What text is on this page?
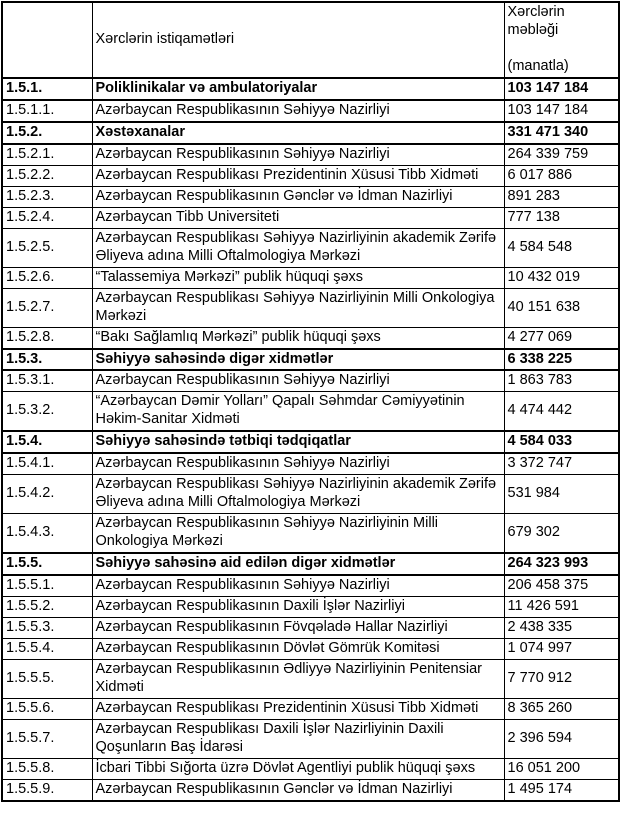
	Xərclərin istiqamətləri	Xərclərin məbləği
(manatla)

1.5.1.	Poliklinikalar və ambulatoriyalar	103 147 184
1.5.1.1.	Azərbaycan Respublikasının Səhiyyə Nazirliyi	103 147 184
1.5.2.	Xəstəxanalar	331 471 340
1.5.2.1.	Azərbaycan Respublikasının Səhiyyə Nazirliyi	264 339 759
1.5.2.2.	Azərbaycan Respublikası Prezidentinin Xüsusi Tibb Xidməti	6 017 886
1.5.2.3.	Azərbaycan Respublikasının Gənclər və İdman Nazirliyi	891 283
1.5.2.4.	Azərbaycan Tibb Universiteti	777 138
1.5.2.5.	Azərbaycan Respublikası Səhiyyə Nazirliyinin akademik Zərifə Əliyeva adına Milli Oftalmologiya Mərkəzi	4 584 548
1.5.2.6.	“Talassemiya Mərkəzi” publik hüquqi şəxs	10 432 019
1.5.2.7.	Azərbaycan Respublikası Səhiyyə Nazirliyinin Milli Onkologiya Mərkəzi	40 151 638
1.5.2.8.	“Bakı Sağlamlıq Mərkəzi” publik hüquqi şəxs	4 277 069
1.5.3.	Səhiyyə sahəsində digər xidmətlər	6 338 225
1.5.3.1.	Azərbaycan Respublikasının Səhiyyə Nazirliyi	1 863 783
1.5.3.2.	“Azərbaycan Dəmir Yolları” Qapalı Səhmdar Cəmiyyətinin Həkim-Sanitar Xidməti	4 474 442
1.5.4.	Səhiyyə sahəsində tətbiqi tədqiqatlar	4 584 033
1.5.4.1.	Azərbaycan Respublikasının Səhiyyə Nazirliyi	3 372 747
1.5.4.2.	Azərbaycan Respublikası Səhiyyə Nazirliyinin akademik Zərifə Əliyeva adına Milli Oftalmologiya Mərkəzi	531 984
1.5.4.3.	Azərbaycan Respublikasının Səhiyyə Nazirliyinin Milli Onkologiya Mərkəzi	679 302
1.5.5.	Səhiyyə sahəsinə aid edilən digər xidmətlər	264 323 993
1.5.5.1.	Azərbaycan Respublikasının Səhiyyə Nazirliyi	206 458 375
1.5.5.2.	Azərbaycan Respublikasının Daxili İşlər Nazirliyi	11 426 591
1.5.5.3.	Azərbaycan Respublikasının Fövqəladə Hallar Nazirliyi	2 438 335
1.5.5.4.	Azərbaycan Respublikasının Dövlət Gömrük Komitəsi	1 074 997
1.5.5.5.	Azərbaycan Respublikasının Ədliyyə Nazirliyinin Penitensiar Xidməti	7 770 912
1.5.5.6.	Azərbaycan Respublikası Prezidentinin Xüsusi Tibb Xidməti	8 365 260
1.5.5.7.	Azərbaycan Respublikası Daxili İşlər Nazirliyinin Daxili Qoşunların Baş İdarəsi	2 396 594
1.5.5.8.	İcbari Tibbi Sığorta üzrə Dövlət Agentliyi publik hüquqi şəxs	16 051 200
1.5.5.9.	Azərbaycan Respublikasının Gənclər və İdman Nazirliyi	1 495 174
